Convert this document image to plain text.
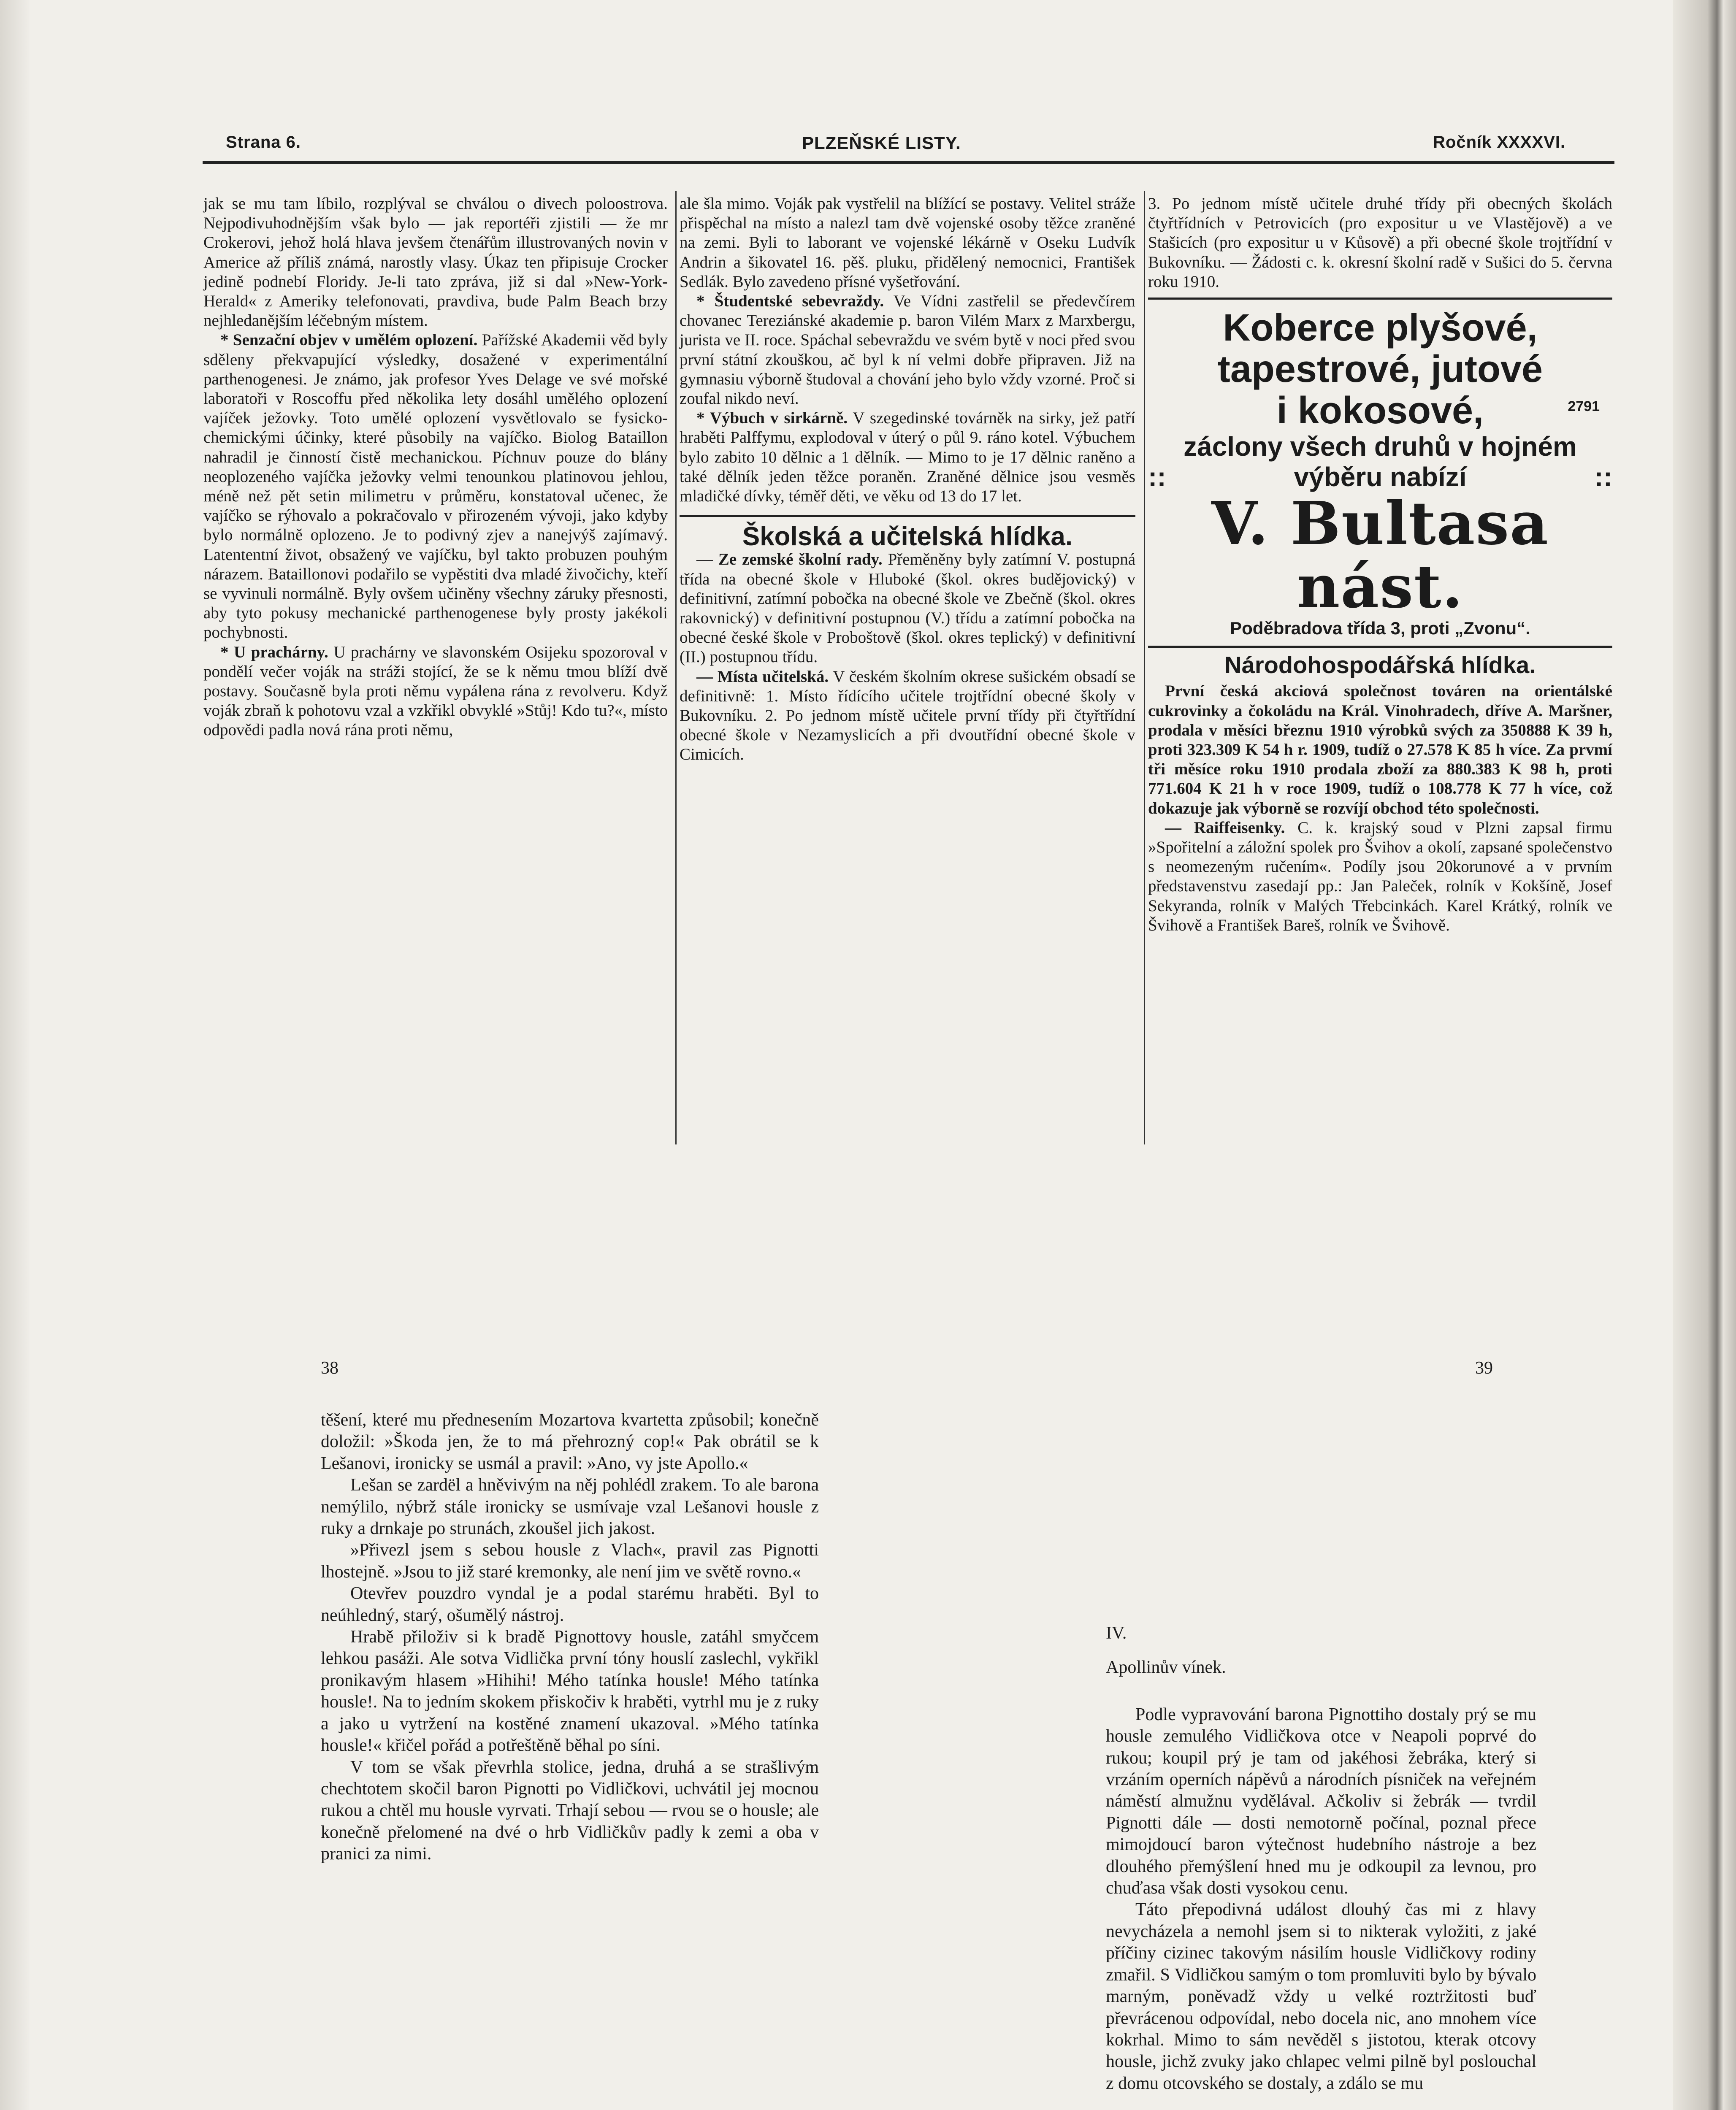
Strana 6.	PLZEŇSKÉ LISTY.	Ročník XXXXVI.

jak se mu tam líbilo, rozplýval se chválou o divech poloostrova. Nejpodivuhodnějším však bylo — jak reportéři zjistili — že mr Crokerovi, jehož holá hlava jevšem čtenářům illustrovaných novin v Americe až příliš známá, narostly vlasy. Úkaz ten připisuje Crocker jedině podnebí Floridy. Je-li tato zpráva, již si dal »New-York-Herald« z Ameriky telefonovati, pravdiva, bude Palm Beach brzy nejhledanějším léčebným místem.

* Senzační objev v umělém oplození. Pařížské Akademii věd byly sděleny překvapující výsledky, dosažené v experimentální parthenogenesi. Je známo, jak profesor Yves Delage ve své mořské laboratoři v Roscoffu před několika lety dosáhl umělého oplození vajíček ježovky. Toto umělé oplození vysvětlovalo se fysicko-chemickými účinky, které působily na vajíčko. Biolog Bataillon nahradil je činností čistě mechanickou. Píchnuv pouze do blány neoplozeného vajíčka ježovky velmi tenounkou platinovou jehlou, méně než pět setin milimetru v průměru, konstatoval učenec, že vajíčko se rýhovalo a pokračovalo v přirozeném vývoji, jako kdyby bylo normálně oplozeno. Je to podivný zjev a nanejvýš zajímavý. Latententní život, obsažený ve vajíčku, byl takto probuzen pouhým nárazem. Bataillonovi podařilo se vypěstiti dva mladé živočichy, kteří se vyvinuli normálně. Byly ovšem učiněny všechny záruky přesnosti, aby tyto pokusy mechanické parthenogenese byly prosty jakékoli pochybnosti.

* U prachárny. U prachárny ve slavonském Osijeku spozoroval v pondělí večer voják na stráži stojící, že se k němu tmou blíží dvě postavy. Současně byla proti němu vypálena rána z revolveru. Když voják zbraň k pohotovu vzal a vzkřikl obvyklé »Stůj! Kdo tu?«, místo odpovědi padla nová rána proti němu,

ale šla mimo. Voják pak vystřelil na blížící se postavy. Velitel stráže přispěchal na místo a nalezl tam dvě vojenské osoby těžce zraněné na zemi. Byli to laborant ve vojenské lékárně v Oseku Ludvík Andrin a šikovatel 16. pěš. pluku, přidělený nemocnici, František Sedlák. Bylo zavedeno přísné vyšetřování.

* Študentské sebevraždy. Ve Vídni zastřelil se předevčírem chovanec Tereziánské akademie p. baron Vilém Marx z Marxbergu, jurista ve II. roce. Spáchal sebevraždu ve svém bytě v noci před svou první státní zkouškou, ač byl k ní velmi dobře připraven. Již na gymnasiu výborně študoval a chování jeho bylo vždy vzorné. Proč si zoufal nikdo neví.

* Výbuch v sirkárně. V szegedinské továrněk na sirky, jež patří hraběti Palffymu, explodoval v úterý o půl 9. ráno kotel. Výbuchem bylo zabito 10 dělnic a 1 dělník. — Mimo to je 17 dělnic raněno a také dělník jeden těžce poraněn. Zraněné dělnice jsou vesměs mladičké dívky, téměř děti, ve věku od 13 do 17 let.

Školská a učitelská hlídka.

— Ze zemské školní rady. Přeměněny byly zatímní V. postupná třída na obecné škole v Hluboké (škol. okres budějovický) v definitivní, zatímní pobočka na obecné škole ve Zbečně (škol. okres rakovnický) v definitivní postupnou (V.) třídu a zatímní pobočka na obecné české škole v Proboštově (škol. okres teplický) v definitivní (II.) postupnou třídu.

— Místa učitelská. V českém školním okrese sušickém obsadí se definitivně: 1. Místo řídícího učitele trojtřídní obecné školy v Bukovníku. 2. Po jednom místě učitele první třídy při čtyřtřídní obecné škole v Nezamyslicích a při dvoutřídní obecné škole v Cimicích.

3. Po jednom místě učitele druhé třídy při obecných školách čtyřtřídních v Petrovicích (pro expositur u ve Vlastějově) a ve Stašicích (pro expositur u v Kůsově) a při obecné škole trojtřídní v Bukovníku. — Žádosti c. k. okresní školní radě v Sušici do 5. června roku 1910.

Koberce plyšové,
tapestrové, jutové
i kokosové,	2791
záclony všech druhů v hojném
::	výběru nabízí	::
V. Bultasa nást.
Poděbradova třída 3, proti „Zvonu“.
Národohospodářská hlídka.

První česká akciová společnost továren na orientálské cukrovinky a čokoládu na Král. Vinohradech, dříve A. Maršner, prodala v měsíci březnu 1910 výrobků svých za 350888 K 39 h, proti 323.309 K 54 h r. 1909, tudíž o 27.578 K 85 h více. Za prvmí tři měsíce roku 1910 prodala zboží za 880.383 K 98 h, proti 771.604 K 21 h v roce 1909, tudíž o 108.778 K 77 h více, což dokazuje jak výborně se rozvíjí obchod této společnosti.

— Raiffeisenky. C. k. krajský soud v Plzni zapsal firmu »Spořitelní a záložní spolek pro Švihov a okolí, zapsané společenstvo s neomezeným ručením«. Podíly jsou 20korunové a v prvním představenstvu zasedají pp.: Jan Paleček, rolník v Kokšíně, Josef Sekyranda, rolník v Malých Třebcinkách. Karel Krátký, rolník ve Švihově a František Bareš, rolník ve Švihově.

38

těšení, které mu přednesením Mozartova kvartetta způsobil; konečně doložil: »Škoda jen, že to má přehrozný cop!« Pak obrátil se k Lešanovi, ironicky se usmál a pravil: »Ano, vy jste Apollo.«

Lešan se zardël a hněvivým na něj pohlédl zrakem. To ale barona nemýlilo, nýbrž stále ironicky se usmívaje vzal Lešanovi housle z ruky a drnkaje po strunách, zkoušel jich jakost.

»Přivezl jsem s sebou housle z Vlach«, pravil zas Pignotti lhostejně. »Jsou to již staré kremonky, ale není jim ve světě rovno.«

Otevřev pouzdro vyndal je a podal starému hraběti. Byl to neúhledný, starý, ošumělý nástroj.

Hrabě přiloživ si k bradě Pignottovy housle, zatáhl smyčcem lehkou pasáži. Ale sotva Vidlička první tóny houslí zaslechl, vykřikl pronikavým hlasem »Hihihi! Mého tatínka housle! Mého tatínka housle!. Na to jedním skokem přiskočiv k hraběti, vytrhl mu je z ruky a jako u vytržení na kostěné znamení ukazoval. »Mého tatínka housle!« křičel pořád a potřeštěně běhal po síni.

V tom se však převrhla stolice, jedna, druhá a se strašlivým chechtotem skočil baron Pignotti po Vidličkovi, uchvátil jej mocnou rukou a chtěl mu housle vyrvati. Trhají sebou — rvou se o housle; ale konečně přelomené na dvé o hrb Vidličkův padly k zemi a oba v pranici za nimi.

39

IV.

Apollinův vínek.

Podle vypravování barona Pignottiho dostaly prý se mu housle zemulého Vidličkova otce v Neapoli poprvé do rukou; koupil prý je tam od jakéhosi žebráka, který si vrzáním operních nápěvů a národních písniček na veřejném náměstí almužnu vydělával. Ačkoliv si žebrák — tvrdil Pignotti dále — dosti nemotorně počínal, poznal přece mimojdoucí baron výtečnost hudebního nástroje a bez dlouhého přemýšlení hned mu je odkoupil za levnou, pro chuďasa však dosti vysokou cenu.

Táto přepodivná událost dlouhý čas mi z hlavy nevycházela a nemohl jsem si to nikterak vyložiti, z jaké příčiny cizinec takovým násilím housle Vidličkovy rodiny zmařil. S Vidličkou samým o tom promluviti bylo by bývalo marným, poněvadž vždy u velké roztržitosti buď převrácenou odpovídal, nebo docela nic, ano mnohem více kokrhal. Mimo to sám nevěděl s jistotou, kterak otcovy housle, jichž zvuky jako chlapec velmi pilně byl poslouchal z domu otcovského se dostaly, a zdálo se mu
